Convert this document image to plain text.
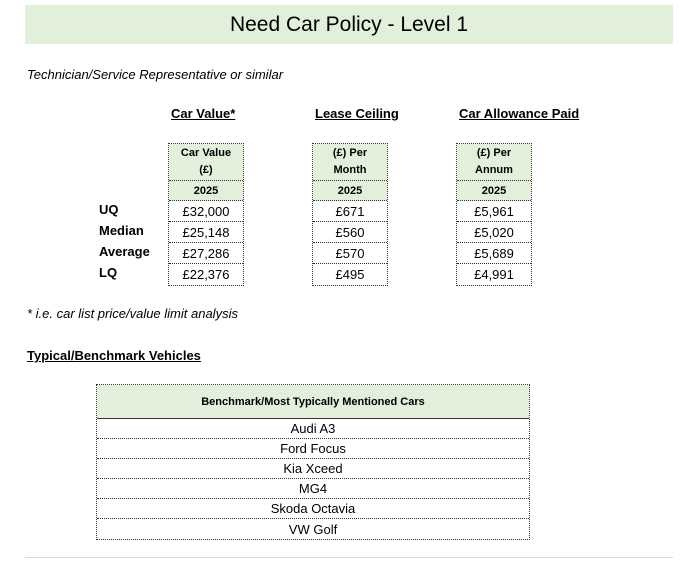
Need Car Policy - Level 1
Technician/Service Representative or similar
Car Value*	Lease Ceiling	Car Allowance Paid
UQ
Median
Average
LQ
Car Value
(£)
2025
£32,000
£25,148
£27,286
£22,376
(£) Per
Month
2025
£671
£560
£570
£495
(£) Per
Annum
2025
£5,961
£5,020
£5,689
£4,991
* i.e. car list price/value limit analysis
Typical/Benchmark Vehicles
Benchmark/Most Typically Mentioned Cars
Audi A3
Ford Focus
Kia Xceed
MG4
Skoda Octavia
VW Golf
